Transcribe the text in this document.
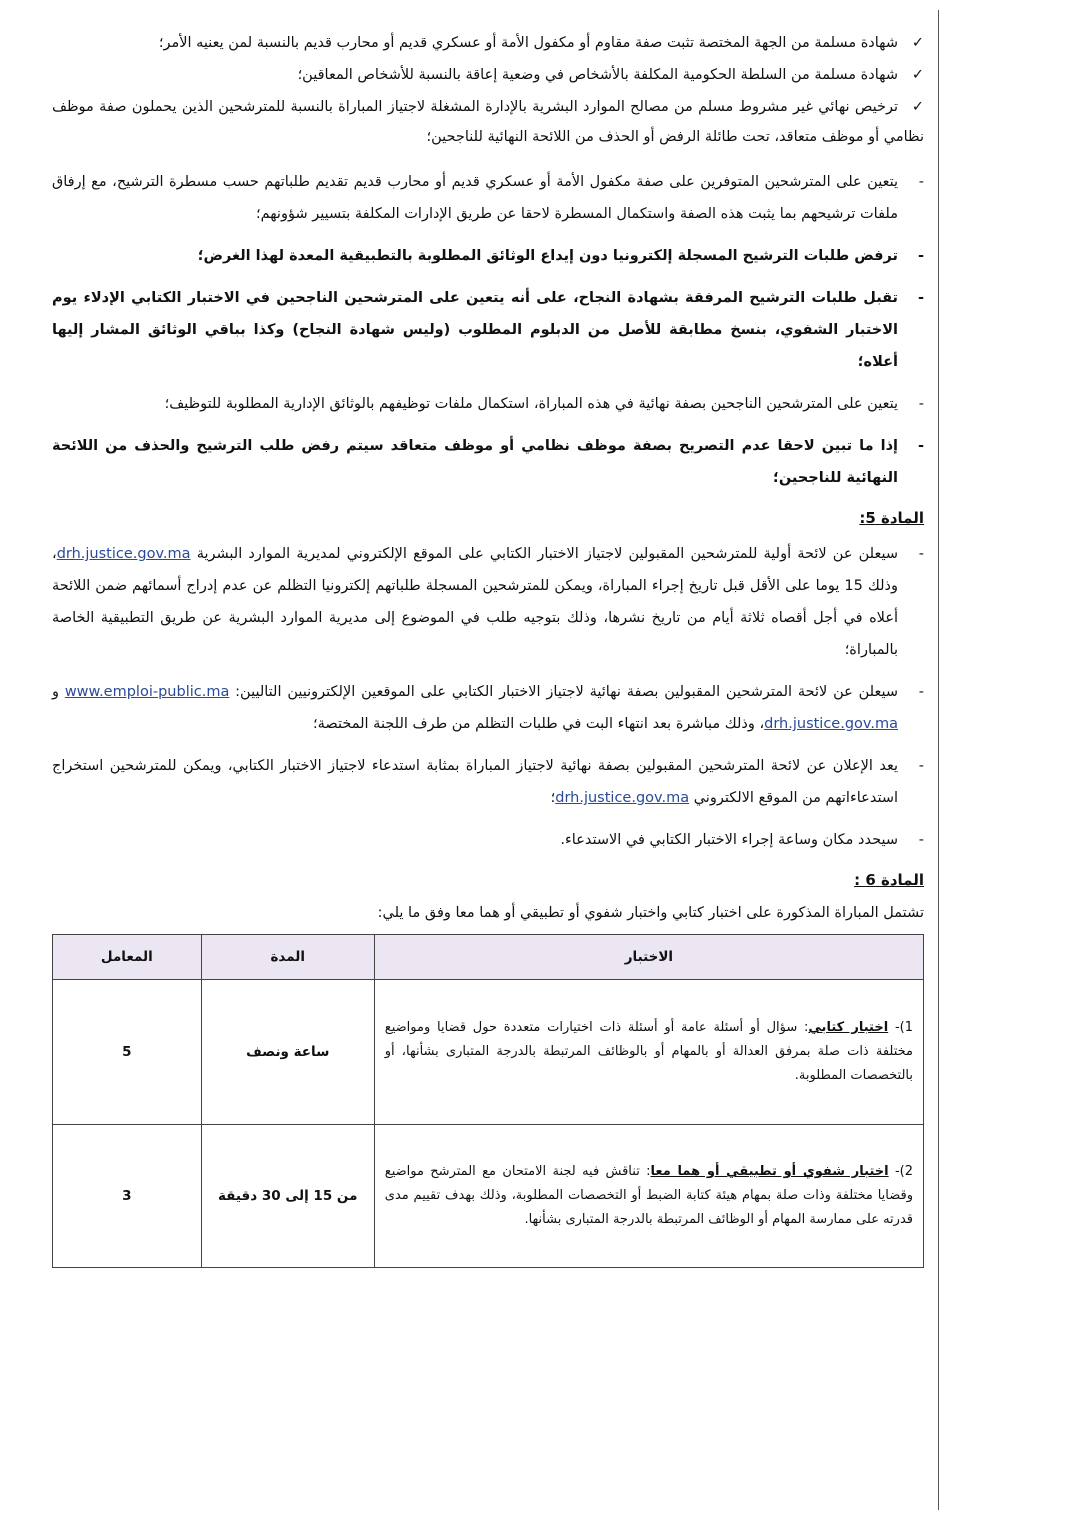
✓شهادة مسلمة من الجهة المختصة تثبت صفة مقاوم أو مكفول الأمة أو عسكري قديم أو محارب قديم بالنسبة لمن يعنيه الأمر؛

✓شهادة مسلمة من السلطة الحكومية المكلفة بالأشخاص في وضعية إعاقة بالنسبة للأشخاص المعاقين؛

✓ترخيص نهائي غير مشروط مسلم من مصالح الموارد البشرية بالإدارة المشغلة لاجتياز المباراة بالنسبة للمترشحين الذين يحملون صفة موظف نظامي أو موظف متعاقد، تحت طائلة الرفض أو الحذف من اللائحة النهائية للناجحين؛

-يتعين على المترشحين المتوفرين على صفة مكفول الأمة أو عسكري قديم أو محارب قديم تقديم طلباتهم حسب مسطرة الترشيح، مع إرفاق ملفات ترشيحهم بما يثبت هذه الصفة واستكمال المسطرة لاحقا عن طريق الإدارات المكلفة بتسيير شؤونهم؛

-ترفض طلبات الترشيح المسجلة إلكترونيا دون إيداع الوثائق المطلوبة بالتطبيقية المعدة لهذا الغرض؛

-تقبل طلبات الترشيح المرفقة بشهادة النجاح، على أنه يتعين على المترشحين الناجحين في الاختبار الكتابي الإدلاء يوم الاختبار الشفوي، بنسخ مطابقة للأصل من الدبلوم المطلوب (وليس شهادة النجاح) وكذا بباقي الوثائق المشار إليها أعلاه؛

-يتعين على المترشحين الناجحين بصفة نهائية في هذه المباراة، استكمال ملفات توظيفهم بالوثائق الإدارية المطلوبة للتوظيف؛

-إذا ما تبين لاحقا عدم التصريح بصفة موظف نظامي أو موظف متعاقد سيتم رفض طلب الترشيح والحذف من اللائحة النهائية للناجحين؛

المادة 5:

-سيعلن عن لائحة أولية للمترشحين المقبولين لاجتياز الاختبار الكتابي على الموقع الإلكتروني لمديرية الموارد البشرية drh.justice.gov.ma، وذلك 15 يوما على الأقل قبل تاريخ إجراء المباراة، ويمكن للمترشحين المسجلة طلباتهم إلكترونيا التظلم عن عدم إدراج أسمائهم ضمن اللائحة أعلاه في أجل أقصاه ثلاثة أيام من تاريخ نشرها، وذلك بتوجيه طلب في الموضوع إلى مديرية الموارد البشرية عن طريق التطبيقية الخاصة بالمباراة؛

-سيعلن عن لائحة المترشحين المقبولين بصفة نهائية لاجتياز الاختبار الكتابي على الموقعين الإلكترونيين التاليين: www.emploi-public.ma و drh.justice.gov.ma، وذلك مباشرة بعد انتهاء البت في طلبات التظلم من طرف اللجنة المختصة؛

-يعد الإعلان عن لائحة المترشحين المقبولين بصفة نهائية لاجتياز المباراة بمثابة استدعاء لاجتياز الاختبار الكتابي، ويمكن للمترشحين استخراج استدعاءاتهم من الموقع الالكتروني drh.justice.gov.ma؛

-سيحدد مكان وساعة إجراء الاختبار الكتابي في الاستدعاء.

المادة 6 :

تشتمل المباراة المذكورة على اختبار كتابي واختبار شفوي أو تطبيقي أو هما معا وفق ما يلي:

الاختبار	المدة	المعامل
1)- اختبار كتابي: سؤال أو أسئلة عامة أو أسئلة ذات اختيارات متعددة حول قضايا ومواضيع مختلفة ذات صلة بمرفق العدالة أو بالمهام أو بالوظائف المرتبطة بالدرجة المتبارى بشأنها، أو بالتخصصات المطلوبة.	ساعة ونصف	5
2)- اختبار شفوي أو تطبيقي أو هما معا: تناقش فيه لجنة الامتحان مع المترشح مواضيع وقضايا مختلفة وذات صلة بمهام هيئة كتابة الضبط أو التخصصات المطلوبة، وذلك بهدف تقييم مدى قدرته على ممارسة المهام أو الوظائف المرتبطة بالدرجة المتبارى بشأنها.	من 15 إلى 30 دقيقة	3
